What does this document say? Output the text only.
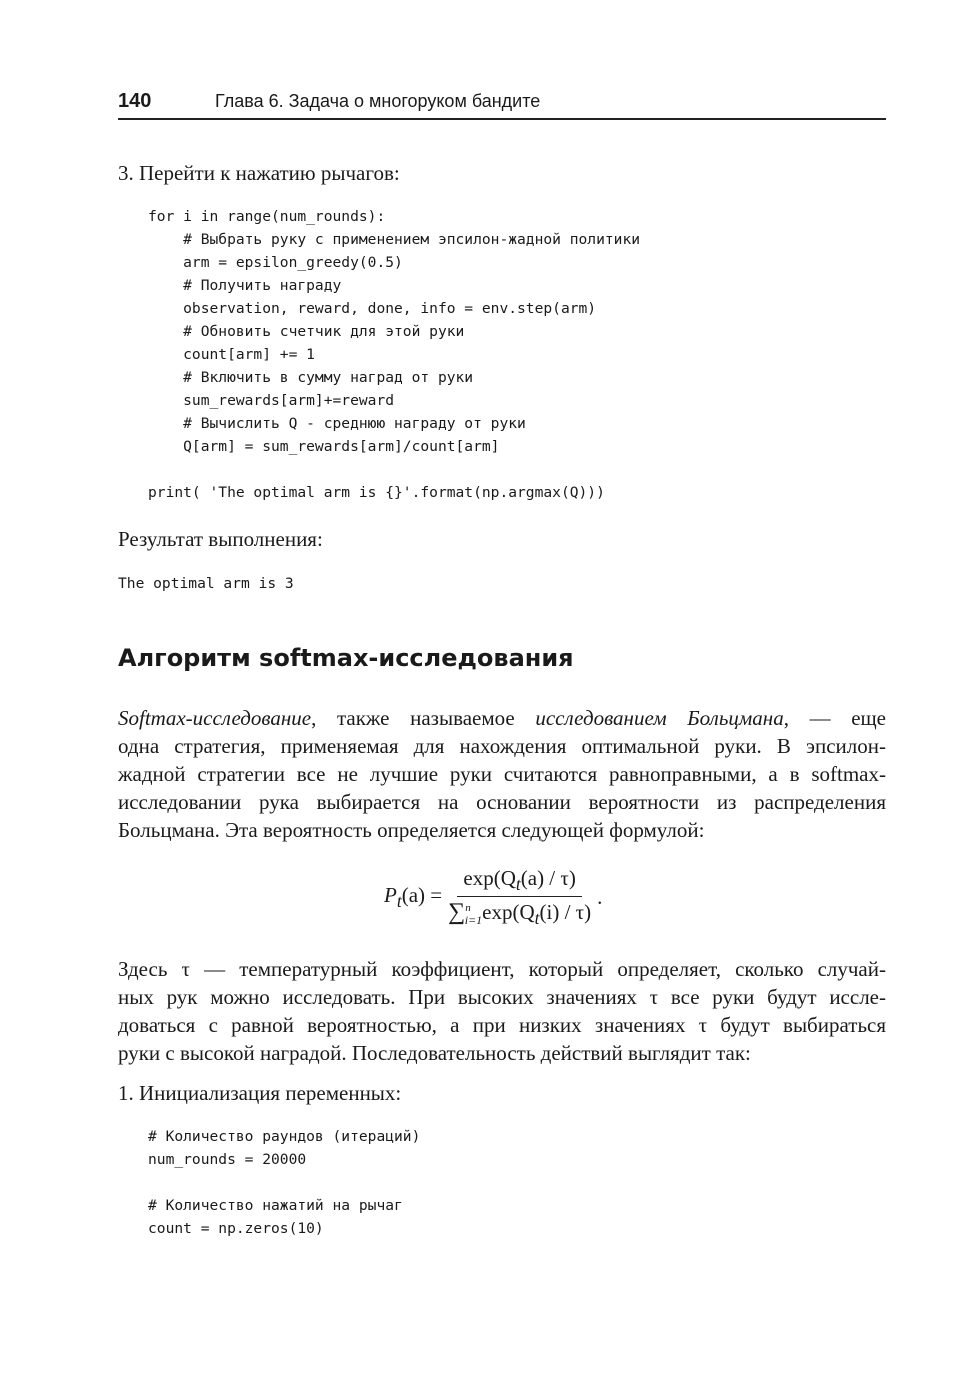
140	Глава 6. Задача о многоруком бандите
3. Перейти к нажатию рычагов:
for i in range(num_rounds):
# Выбрать руку с применением эпсилон-жадной политики
arm = epsilon_greedy(0.5)
# Получить награду
observation, reward, done, info = env.step(arm)
# Обновить счетчик для этой руки
count[arm] += 1
# Включить в сумму наград от руки
sum_rewards[arm]+=reward
# Вычислить Q - среднюю награду от руки
Q[arm] = sum_rewards[arm]/count[arm]
print( 'The optimal arm is {}'.format(np.argmax(Q)))
Результат выполнения:
The optimal arm is 3
Алгоритм softmax-исследования
Softmax-исследование, также называемое исследованием Больцмана, — еще
одна стратегия, применяемая для нахождения оптимальной руки. В эпсилон-
жадной стратегии все не лучшие руки считаются равноправными, а в softmax-
исследовании рука выбирается на основании вероятности из распределения
Больцмана. Эта вероятность определяется следующей формулой:
$P_t(a) = \frac{\exp(Q_t(a) / \tau)}{\sum^n_{i=1}\exp(Q_t(i) / \tau)}$ .
Здесь τ — температурный коэффициент, который определяет, сколько случай-
ных рук можно исследовать. При высоких значениях τ все руки будут иссле-
доваться с равной вероятностью, а при низких значениях τ будут выбираться
руки с высокой наградой. Последовательность действий выглядит так:
1. Инициализация переменных:
# Количество раундов (итераций)
num_rounds = 20000
# Количество нажатий на рычаг
count = np.zeros(10)
